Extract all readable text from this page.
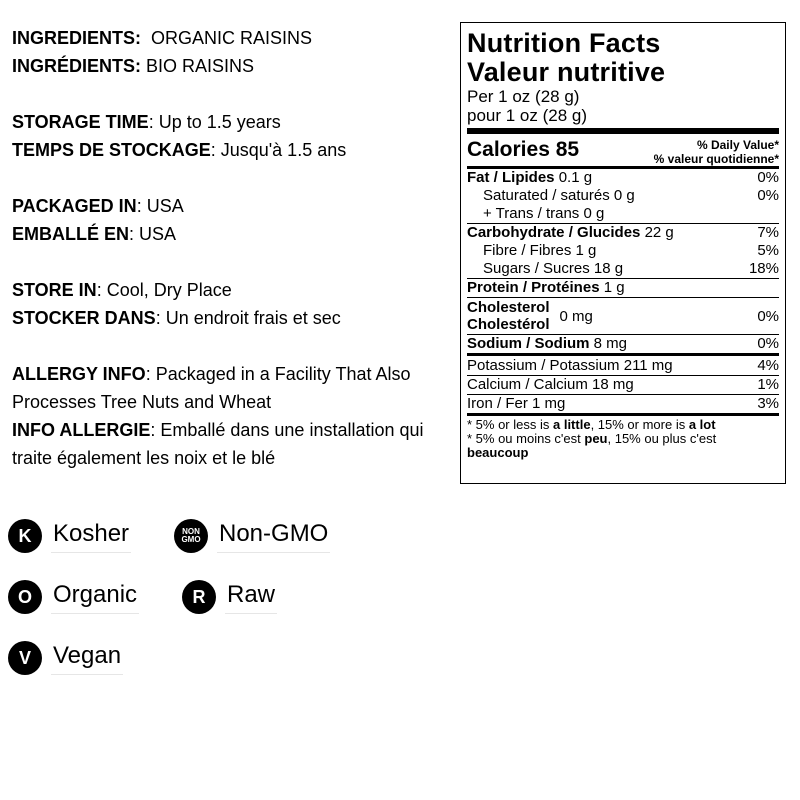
INGREDIENTS: ORGANIC RAISINS
INGRÉDIENTS: BIO RAISINS
STORAGE TIME: Up to 1.5 years
TEMPS DE STOCKAGE: Jusqu'à 1.5 ans
PACKAGED IN: USA
EMBALLÉ EN: USA
STORE IN: Cool, Dry Place
STOCKER DANS: Un endroit frais et sec
ALLERGY INFO: Packaged in a Facility That Also Processes Tree Nuts and Wheat
INFO ALLERGIE: Emballé dans une installation qui traite également les noix et le blé
K Kosher	NON
GMO Non-GMO
O Organic	R Raw
V Vegan
Nutrition Facts
Valeur nutritive
Per 1 oz (28 g)
pour 1 oz (28 g)
Calories 85	% Daily Value*
% valeur quotidienne*
Fat / Lipides 0.1 g	0%
Saturated / saturés 0 g	0%
+ Trans / trans 0 g
Carbohydrate / Glucides 22 g	7%
Fibre / Fibres 1 g	5%
Sugars / Sucres 18 g	18%
Protein / Protéines 1 g
Cholesterol
Cholestérol 0 mg	0%
Sodium / Sodium 8 mg	0%
Potassium / Potassium 211 mg	4%
Calcium / Calcium 18 mg	1%
Iron / Fer 1 mg	3%
* 5% or less is a little, 15% or more is a lot
* 5% ou moins c'est peu, 15% ou plus c'est beaucoup
